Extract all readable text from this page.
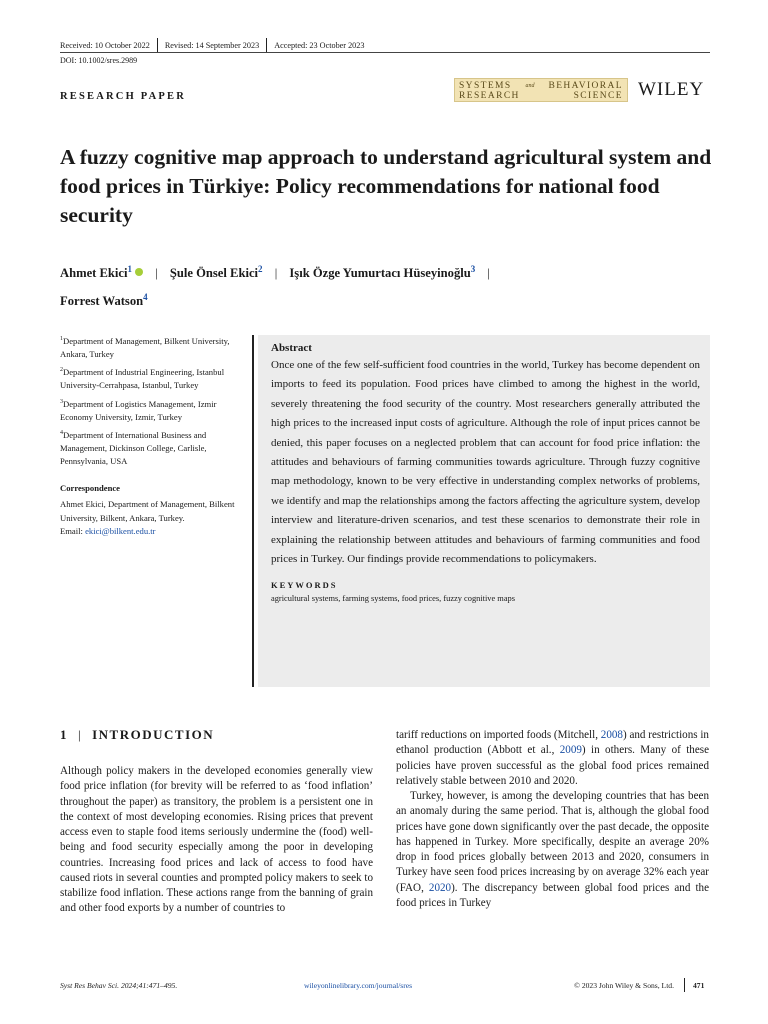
Received: 10 October 2022 Revised: 14 September 2023 Accepted: 23 October 2023
DOI: 10.1002/sres.2989
RESEARCH PAPER
SYSTEMS and BEHAVIORAL
RESEARCH	SCIENCE WILEY
A fuzzy cognitive map approach to understand agricultural system and food prices in Türkiye: Policy recommendations for national food security
Ahmet Ekici$^1$ | Şule Önsel Ekici$^2$ | Işık Özge Yumurtacı Hüseyinoğlu$^3$ |
Forrest Watson$^4$

$^1$Department of Management, Bilkent University, Ankara, Turkey

$^2$Department of Industrial Engineering, Istanbul University-Cerrahpasa, Istanbul, Turkey

$^3$Department of Logistics Management, Izmir Economy University, Izmir, Turkey

$^4$Department of International Business and Management, Dickinson College, Carlisle, Pennsylvania, USA

Correspondence

Ahmet Ekici, Department of Management, Bilkent University, Bilkent, Ankara, Turkey.

Email: ekici@bilkent.edu.tr

Abstract
Once one of the few self-sufficient food countries in the world, Turkey has become dependent on imports to feed its population. Food prices have climbed to among the highest in the world, severely threatening the food security of the country. Most researchers generally attributed the high prices to the increased input costs of agriculture. Although the role of input prices cannot be denied, this paper focuses on a neglected problem that can account for food price inflation: the attitudes and behaviours of farming communities towards agriculture. Through fuzzy cognitive map methodology, known to be very effective in understanding complex networks of problems, we identify and map the relationships among the factors affecting the agriculture system, develop interview and literature-driven scenarios, and test these scenarios to demonstrate their role in explaining the relationship between attitudes and behaviours of farming communities and food prices in Turkey. Our findings provide recommendations to policymakers.
KEYWORDS
agricultural systems, farming systems, food prices, fuzzy cognitive maps
1 | INTRODUCTION

Although policy makers in the developed economies generally view food price inflation (for brevity will be referred to as ‘food inflation’ throughout the paper) as transitory, the problem is a persistent one in the context of most developing economies. Rising prices that prevent access even to staple food items seriously undermine the (food) well-being and food security especially among the poor in developing countries. Increasing food prices and lack of access to food have caused riots in several counties and prompted policy makers to seek to stabilize food inflation. These actions range from the banning of grain and other food exports by a number of countries to

tariff reductions on imported foods (Mitchell, 2008) and restrictions in ethanol production (Abbott et al., 2009) in others. Many of these policies have proven successful as the global food prices remained relatively stable between 2010 and 2020.

Turkey, however, is among the developing countries that has been an anomaly during the same period. That is, although the global food prices have gone down significantly over the past decade, the opposite has happened in Turkey. More specifically, despite an average 20% drop in food prices globally between 2013 and 2020, consumers in Turkey have seen food prices increasing by on average 32% each year (FAO, 2020). The discrepancy between global food prices and the food prices in Turkey

Syst Res Behav Sci. 2024;41:471–495.	wileyonlinelibrary.com/journal/sres	© 2023 John Wiley & Sons, Ltd.	471
